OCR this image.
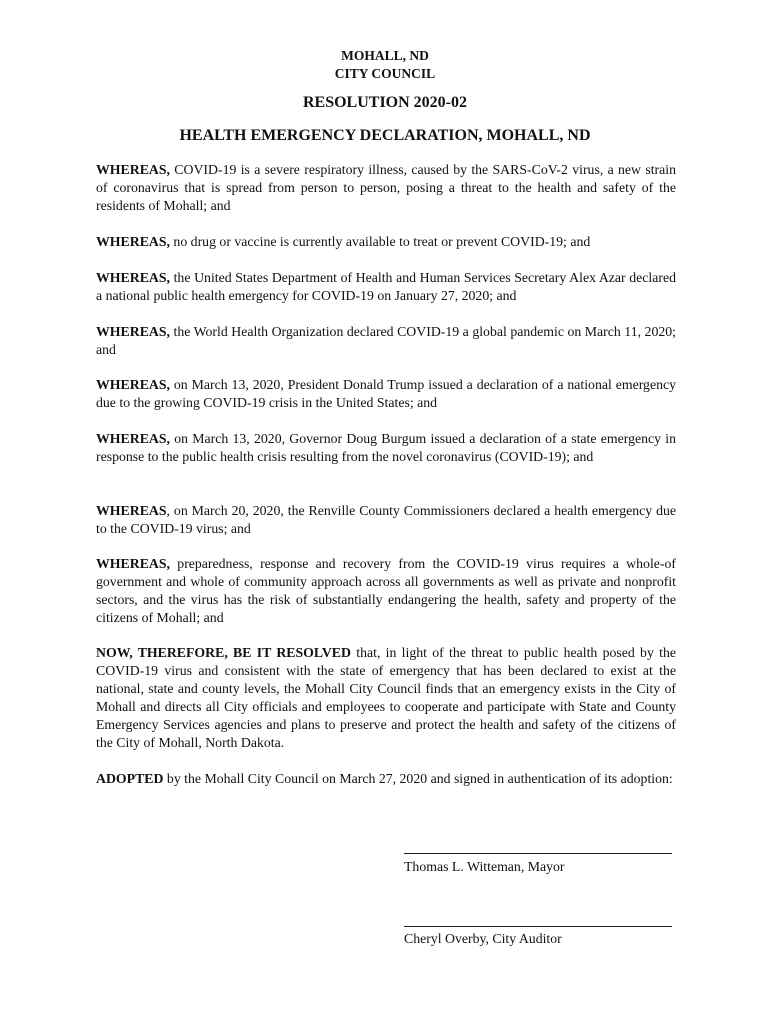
MOHALL, ND
CITY COUNCIL
RESOLUTION 2020-02
HEALTH EMERGENCY DECLARATION, MOHALL, ND

WHEREAS, COVID-19 is a severe respiratory illness, caused by the SARS-CoV-2 virus, a new strain of coronavirus that is spread from person to person, posing a threat to the health and safety of the residents of Mohall; and

WHEREAS, no drug or vaccine is currently available to treat or prevent COVID-19; and

WHEREAS, the United States Department of Health and Human Services Secretary Alex Azar declared a national public health emergency for COVID-19 on January 27, 2020; and

WHEREAS, the World Health Organization declared COVID-19 a global pandemic on March 11, 2020; and

WHEREAS, on March 13, 2020, President Donald Trump issued a declaration of a national emergency due to the growing COVID-19 crisis in the United States; and

WHEREAS, on March 13, 2020, Governor Doug Burgum issued a declaration of a state emergency in response to the public health crisis resulting from the novel coronavirus (COVID-19); and

WHEREAS, on March 20, 2020, the Renville County Commissioners declared a health emergency due to the COVID-19 virus; and

WHEREAS, preparedness, response and recovery from the COVID-19 virus requires a whole-of government and whole of community approach across all governments as well as private and nonprofit sectors, and the virus has the risk of substantially endangering the health, safety and property of the citizens of Mohall; and

NOW, THEREFORE, BE IT RESOLVED that, in light of the threat to public health posed by the COVID-19 virus and consistent with the state of emergency that has been declared to exist at the national, state and county levels, the Mohall City Council finds that an emergency exists in the City of Mohall and directs all City officials and employees to cooperate and participate with State and County Emergency Services agencies and plans to preserve and protect the health and safety of the citizens of the City of Mohall, North Dakota.

ADOPTED by the Mohall City Council on March 27, 2020 and signed in authentication of its adoption:

Thomas L. Witteman, Mayor
Cheryl Overby, City Auditor
